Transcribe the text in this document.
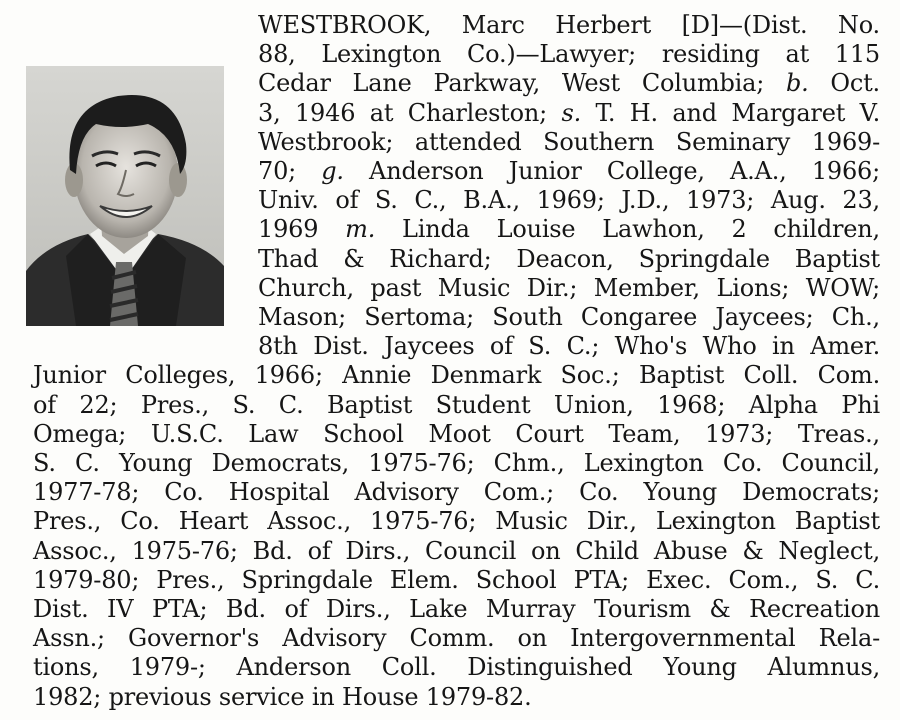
WESTBROOK, Marc Herbert [D]—(Dist. No.
88, Lexington Co.)—Lawyer; residing at 115
Cedar Lane Parkway, West Columbia; b. Oct.
3, 1946 at Charleston; s. T. H. and Margaret V.
Westbrook; attended Southern Seminary 1969-
70; g. Anderson Junior College, A.A., 1966;
Univ. of S. C., B.A., 1969; J.D., 1973; Aug. 23,
1969 m. Linda Louise Lawhon, 2 children,
Thad & Richard; Deacon, Springdale Baptist
Church, past Music Dir.; Member, Lions; WOW;
Mason; Sertoma; South Congaree Jaycees; Ch.,
8th Dist. Jaycees of S. C.; Who's Who in Amer.
Junior Colleges, 1966; Annie Denmark Soc.; Baptist Coll. Com.
of 22; Pres., S. C. Baptist Student Union, 1968; Alpha Phi
Omega; U.S.C. Law School Moot Court Team, 1973; Treas.,
S. C. Young Democrats, 1975-76; Chm., Lexington Co. Council,
1977-78; Co. Hospital Advisory Com.; Co. Young Democrats;
Pres., Co. Heart Assoc., 1975-76; Music Dir., Lexington Baptist
Assoc., 1975-76; Bd. of Dirs., Council on Child Abuse & Neglect,
1979-80; Pres., Springdale Elem. School PTA; Exec. Com., S. C.
Dist. IV PTA; Bd. of Dirs., Lake Murray Tourism & Recreation
Assn.; Governor's Advisory Comm. on Intergovernmental Rela-
tions, 1979-; Anderson Coll. Distinguished Young Alumnus,
1982; previous service in House 1979-82.
